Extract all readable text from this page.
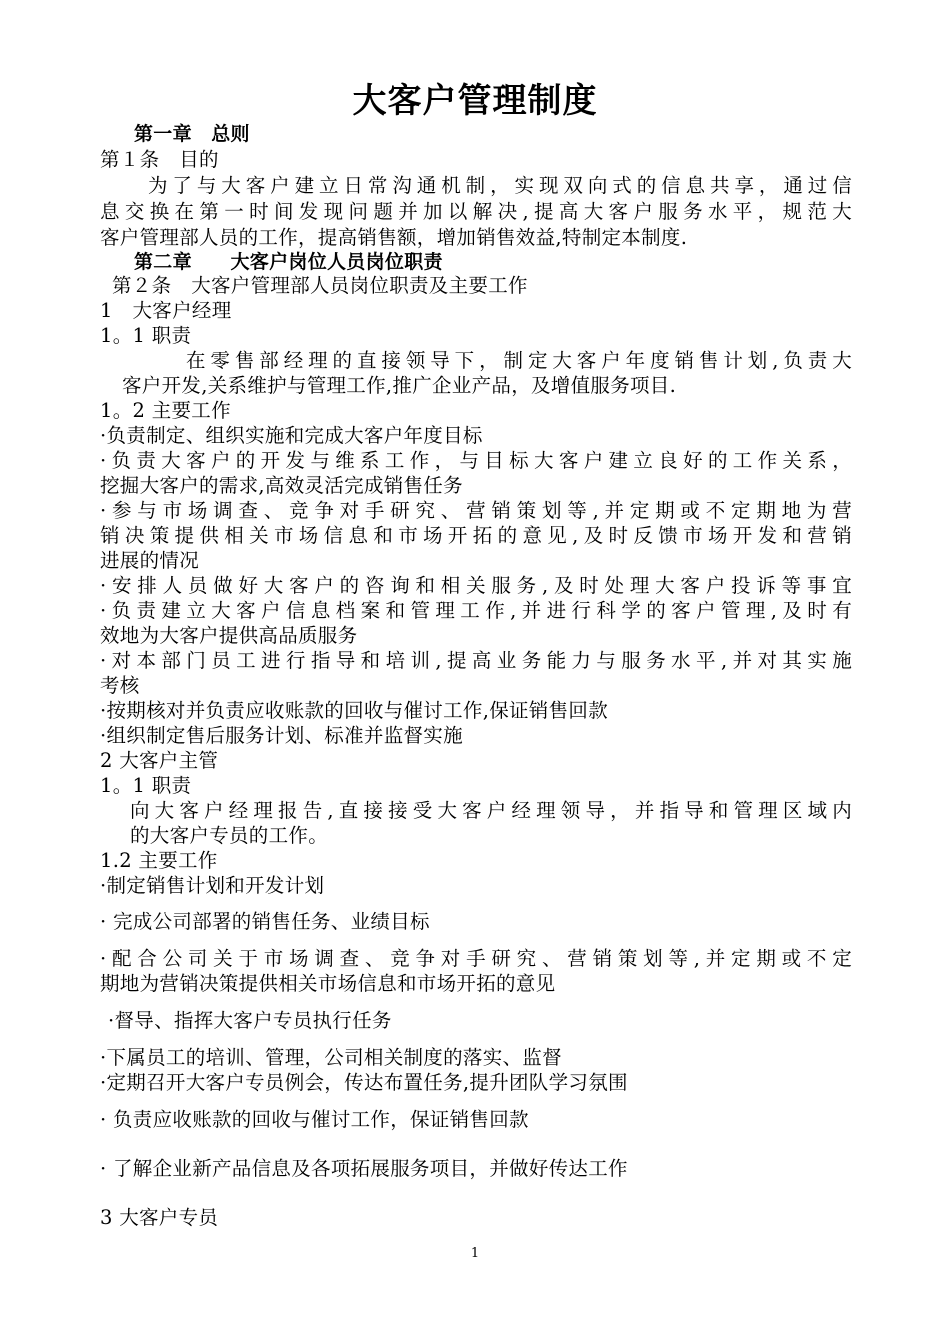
大客户管理制度
第一章　总则
第１条　目的
为了与大客户建立日常沟通机制，实现双向式的信息共享，通过信
息交换在第一时间发现问题并加以解决,提高大客户服务水平，规范大
客户管理部人员的工作，提高销售额，增加销售效益,特制定本制度.
第二章　　大客户岗位人员岗位职责
第２条　大客户管理部人员岗位职责及主要工作
1　大客户经理
1。1 职责
在零售部经理的直接领导下，制定大客户年度销售计划,负责大
客户开发,关系维护与管理工作,推广企业产品，及增值服务项目.
1。2 主要工作
·负责制定、组织实施和完成大客户年度目标
·负责大客户的开发与维系工作，与目标大客户建立良好的工作关系，
挖掘大客户的需求,高效灵活完成销售任务
·参与市场调查、竞争对手研究、营销策划等,并定期或不定期地为营
销决策提供相关市场信息和市场开拓的意见,及时反馈市场开发和营销
进展的情况
·安排人员做好大客户的咨询和相关服务,及时处理大客户投诉等事宜
·负责建立大客户信息档案和管理工作,并进行科学的客户管理,及时有
效地为大客户提供高品质服务
·对本部门员工进行指导和培训,提高业务能力与服务水平,并对其实施
考核
·按期核对并负责应收账款的回收与催讨工作,保证销售回款
·组织制定售后服务计划、标准并监督实施
2 大客户主管
1。1 职责
向大客户经理报告,直接接受大客户经理领导，并指导和管理区域内
的大客户专员的工作。
1.2 主要工作
·制定销售计划和开发计划
· 完成公司部署的销售任务、业绩目标
·配合公司关于市场调查、竞争对手研究、营销策划等,并定期或不定
期地为营销决策提供相关市场信息和市场开拓的意见
·督导、指挥大客户专员执行任务
·下属员工的培训、管理，公司相关制度的落实、监督
·定期召开大客户专员例会，传达布置任务,提升团队学习氛围
· 负责应收账款的回收与催讨工作，保证销售回款
· 了解企业新产品信息及各项拓展服务项目，并做好传达工作
3 大客户专员
1
